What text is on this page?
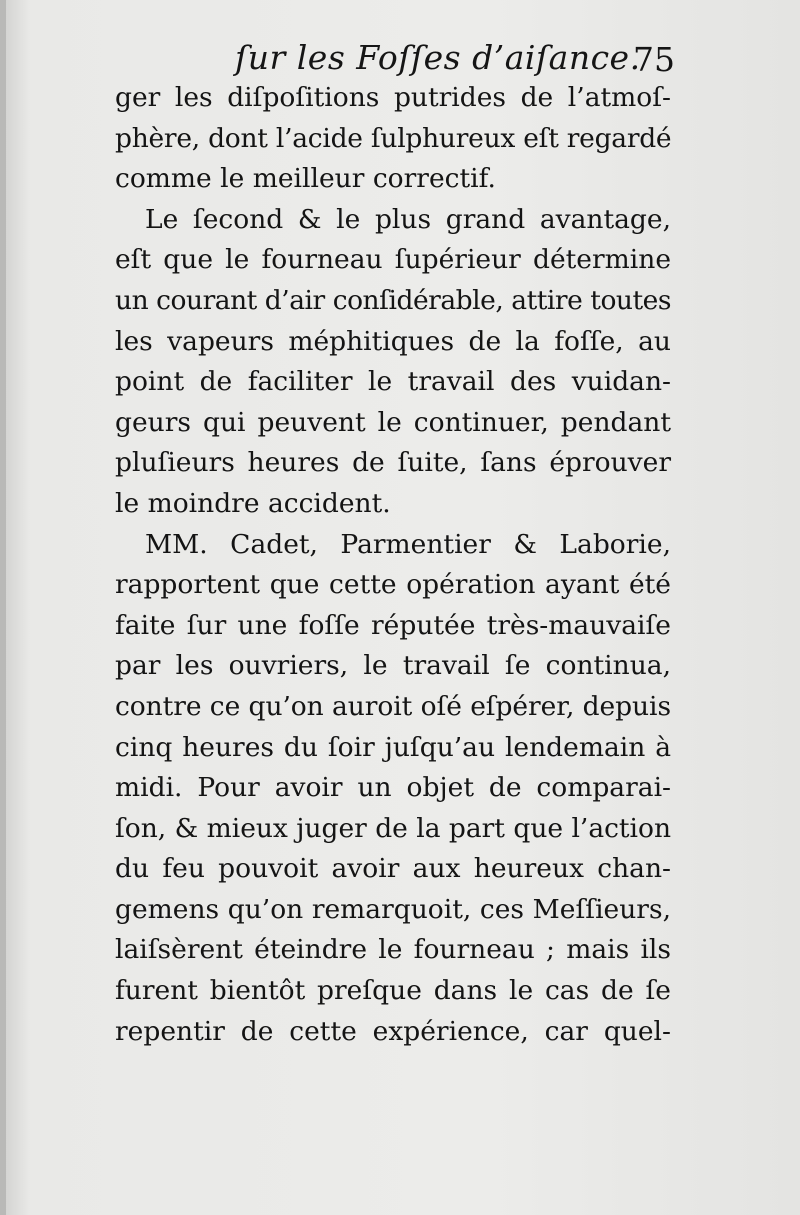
ſur les Foſſes d’aiſance.
75
ger les diſpoſitions putrides de l’atmoſ-
phère, dont l’acide ſulphureux eſt regardé
comme le meilleur correctif.
Le ſecond & le plus grand avantage,
eſt que le fourneau ſupérieur détermine
un courant d’air conſidérable, attire toutes
les vapeurs méphitiques de la foſſe, au
point de faciliter le travail des vuidan-
geurs qui peuvent le continuer, pendant
pluſieurs heures de ſuite, ſans éprouver
le moindre accident.
MM. Cadet, Parmentier & Laborie,
rapportent que cette opération ayant été
faite ſur une foſſe réputée très-mauvaiſe
par les ouvriers, le travail ſe continua,
contre ce qu’on auroit oſé eſpérer, depuis
cinq heures du ſoir juſqu’au lendemain à
midi. Pour avoir un objet de comparai-
ſon, & mieux juger de la part que l’action
du feu pouvoit avoir aux heureux chan-
gemens qu’on remarquoit, ces Meſſieurs,
laiſsèrent éteindre le fourneau ; mais ils
furent bientôt preſque dans le cas de ſe
repentir de cette expérience, car quel-
